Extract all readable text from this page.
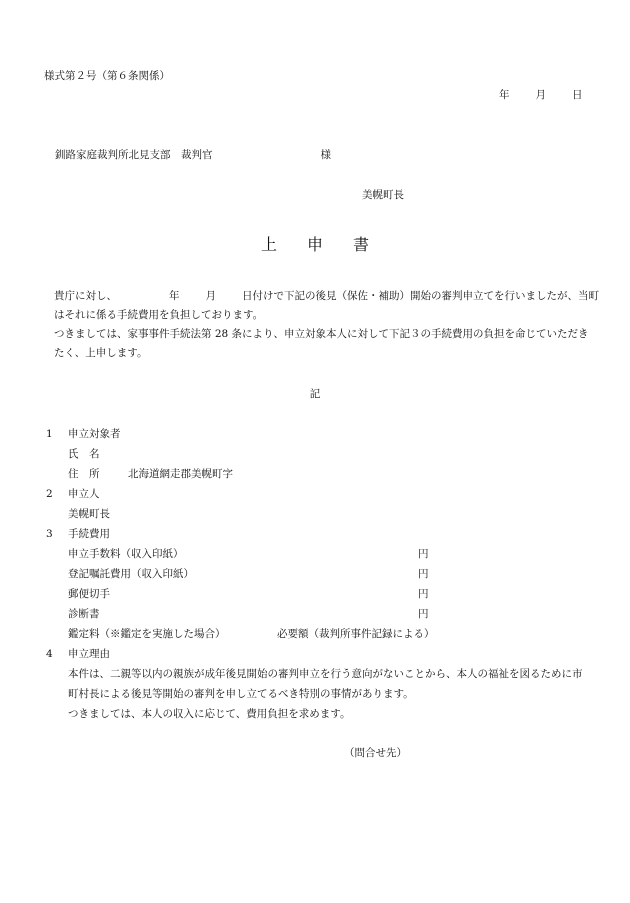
様式第２号（第６条関係）
年 月 日
釧路家庭裁判所北見支部　裁判官	様
美幌町長
上申書
貴庁に対し、	年 月 日付けで下記の後見（保佐・補助）開始の審判申立てを行いましたが、当町はそれに係る手続費用を負担しております。
つきましては、家事事件手続法第 28 条により、申立対象本人に対して下記３の手続費用の負担を命じていただきたく、上申します。
記
1 申立対象者
氏　名
住　所	北海道網走郡美幌町字
2 申立人
美幌町長
3 手続費用
申立手数料（収入印紙）	円
登記嘱託費用（収入印紙）	円
郵便切手	円
診断書	円
鑑定料（※鑑定を実施した場合）	必要額（裁判所事件記録による）
4 申立理由
本件は、二親等以内の親族が成年後見開始の審判申立を行う意向がないことから、本人の福祉を図るために市町村長による後見等開始の審判を申し立てるべき特別の事情があります。
つきましては、本人の収入に応じて、費用負担を求めます。
（問合せ先）
